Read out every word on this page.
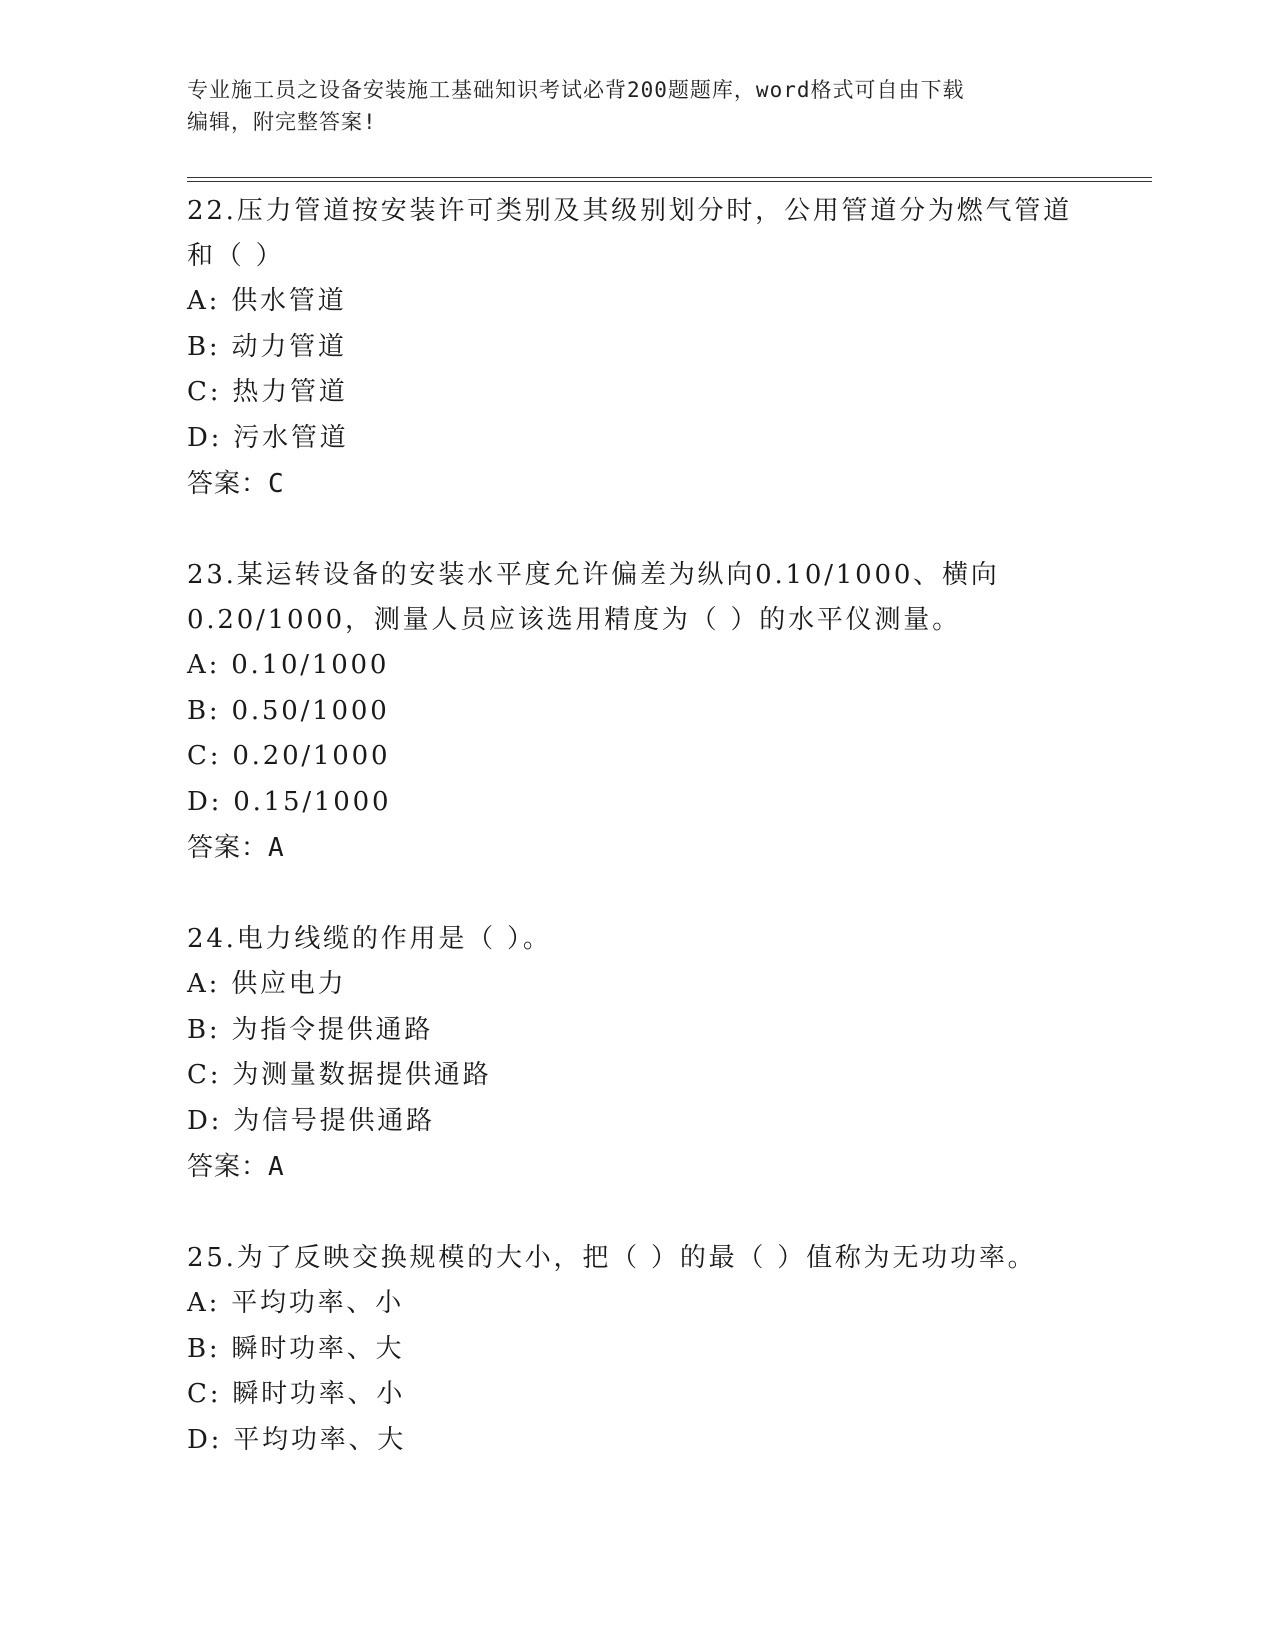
专业施工员之设备安装施工基础知识考试必背200题题库，word格式可自由下载
编辑，附完整答案!

22.压力管道按安装许可类别及其级别划分时，公用管道分为燃气管道

和（ ）

A: 供水管道

B: 动力管道

C: 热力管道

D: 污水管道

答案：C

23.某运转设备的安装水平度允许偏差为纵向0.10/1000、横向

0.20/1000，测量人员应该选用精度为（ ）的水平仪测量。

A: 0.10/1000

B: 0.50/1000

C: 0.20/1000

D: 0.15/1000

答案：A

24.电力线缆的作用是（ ）。

A: 供应电力

B: 为指令提供通路

C: 为测量数据提供通路

D: 为信号提供通路

答案：A

25.为了反映交换规模的大小，把（ ）的最（ ）值称为无功功率。

A: 平均功率、小

B: 瞬时功率、大

C: 瞬时功率、小

D: 平均功率、大
